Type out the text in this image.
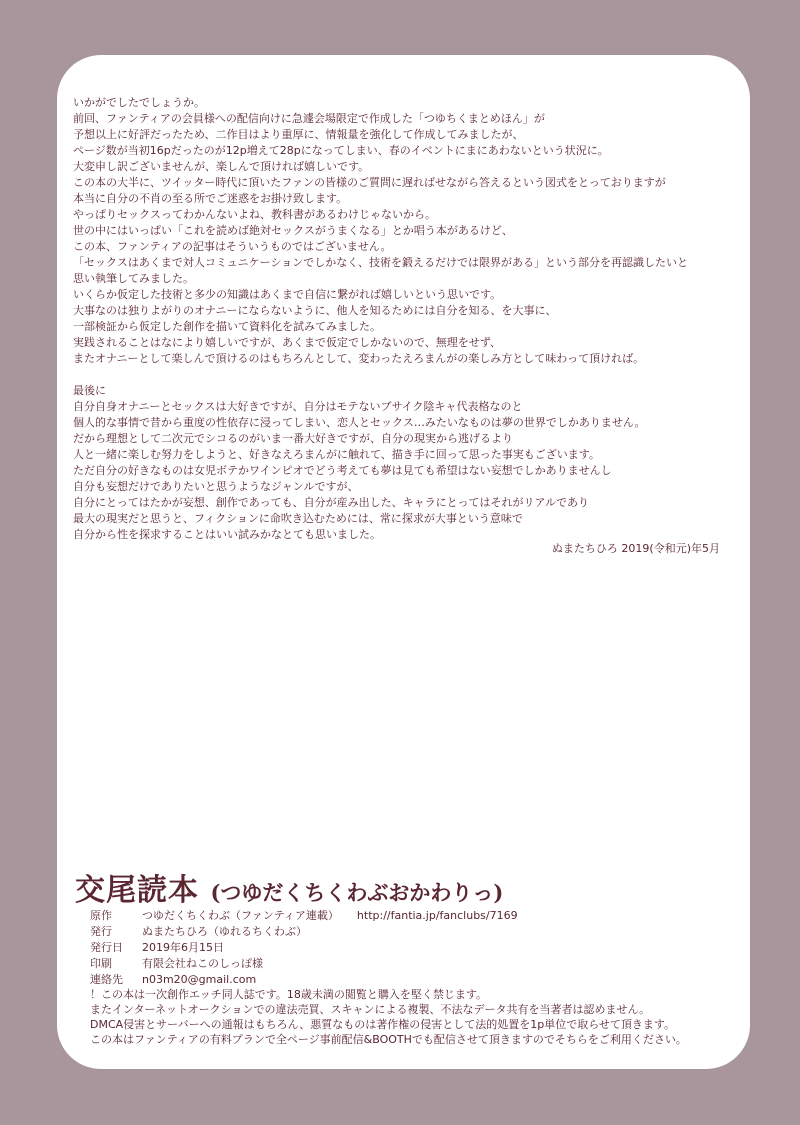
いかがでしたでしょうか。

前回、ファンティアの会員様への配信向けに急遽会場限定で作成した「つゆちくまとめほん」が

予想以上に好評だったため、二作目はより重厚に、情報量を強化して作成してみましたが、

ページ数が当初16pだったのが12p増えて28pになってしまい、春のイベントにまにあわないという状況に。

大変申し訳ございませんが、楽しんで頂ければ嬉しいです。

この本の大半に、ツイッター時代に頂いたファンの皆様のご質問に遅ればせながら答えるという図式をとっておりますが

本当に自分の不肖の至る所でご迷惑をお掛け致します。

やっぱりセックスってわかんないよね、教科書があるわけじゃないから。

世の中にはいっぱい「これを読めば絶対セックスがうまくなる」とか唱う本があるけど、

この本、ファンティアの記事はそういうものではございません。

「セックスはあくまで対人コミュニケーションでしかなく、技術を鍛えるだけでは限界がある」という部分を再認識したいと

思い執筆してみました。

いくらか仮定した技術と多少の知識はあくまで自信に繋がれば嬉しいという思いです。

大事なのは独りよがりのオナニーにならないように、他人を知るためには自分を知る、を大事に、

一部検証から仮定した創作を描いて資料化を試みてみました。

実践されることはなにより嬉しいですが、あくまで仮定でしかないので、無理をせず、

またオナニーとして楽しんで頂けるのはもちろんとして、変わったえろまんがの楽しみ方として味わって頂ければ。

最後に

自分自身オナニーとセックスは大好きですが、自分はモテないブサイク陰キャ代表格なのと

個人的な事情で昔から重度の性依存に浸ってしまい、恋人とセックス…みたいなものは夢の世界でしかありません。

だから理想として二次元でシコるのがいま一番大好きですが、自分の現実から逃げるより

人と一緒に楽しむ努力をしようと、好きなえろまんがに触れて、描き手に回って思った事実もございます。

ただ自分の好きなものは女児ボテかワインピオでどう考えても夢は見ても希望はない妄想でしかありませんし

自分も妄想だけでありたいと思うようなジャンルですが、

自分にとってはたかが妄想、創作であっても、自分が産み出した、キャラにとってはそれがリアルであり

最大の現実だと思うと、フィクションに命吹き込むためには、常に探求が大事という意味で

自分から性を探求することはいい試みかなとても思いました。

ぬまたちひろ 2019(令和元)年5月
交尾読本 (つゆだくちくわぶおかわりっ)
原作	つゆだくちくわぶ（ファンティア連載） http://fantia.jp/fanclubs/7169
発行	ぬまたちひろ（ゆれるちくわぶ）
発行日 2019年6月15日
印刷	有限会社ねこのしっぽ様
連絡先 n03m20@gmail.com

！この本は一次創作エッチ同人誌です。18歳未満の閲覧と購入を堅く禁じます。

またインターネットオークションでの違法売買、スキャンによる複製、不法なデータ共有を当著者は認めません。

DMCA侵害とサーバーへの通報はもちろん、悪質なものは著作権の侵害として法的処置を1p単位で取らせて頂きます。

この本はファンティアの有料プランで全ページ事前配信&BOOTHでも配信させて頂きますのでそちらをご利用ください。
